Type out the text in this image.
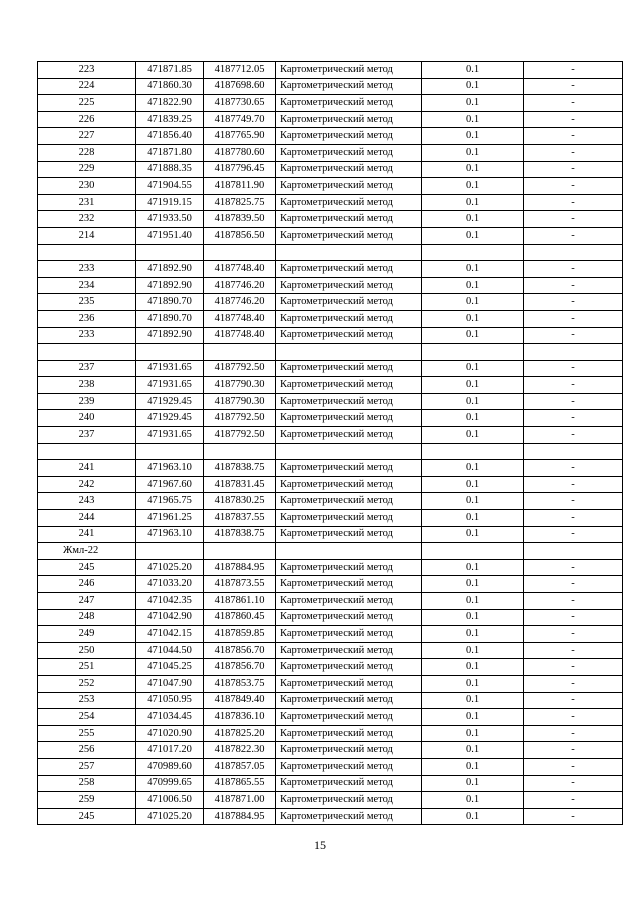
223	471871.85	4187712.05	Картометрический метод	0.1	-
224	471860.30	4187698.60	Картометрический метод	0.1	-
225	471822.90	4187730.65	Картометрический метод	0.1	-
226	471839.25	4187749.70	Картометрический метод	0.1	-
227	471856.40	4187765.90	Картометрический метод	0.1	-
228	471871.80	4187780.60	Картометрический метод	0.1	-
229	471888.35	4187796.45	Картометрический метод	0.1	-
230	471904.55	4187811.90	Картометрический метод	0.1	-
231	471919.15	4187825.75	Картометрический метод	0.1	-
232	471933.50	4187839.50	Картометрический метод	0.1	-
214	471951.40	4187856.50	Картометрический метод	0.1	-

233	471892.90	4187748.40	Картометрический метод	0.1	-
234	471892.90	4187746.20	Картометрический метод	0.1	-
235	471890.70	4187746.20	Картометрический метод	0.1	-
236	471890.70	4187748.40	Картометрический метод	0.1	-
233	471892.90	4187748.40	Картометрический метод	0.1	-

237	471931.65	4187792.50	Картометрический метод	0.1	-
238	471931.65	4187790.30	Картометрический метод	0.1	-
239	471929.45	4187790.30	Картометрический метод	0.1	-
240	471929.45	4187792.50	Картометрический метод	0.1	-
237	471931.65	4187792.50	Картометрический метод	0.1	-

241	471963.10	4187838.75	Картометрический метод	0.1	-
242	471967.60	4187831.45	Картометрический метод	0.1	-
243	471965.75	4187830.25	Картометрический метод	0.1	-
244	471961.25	4187837.55	Картометрический метод	0.1	-
241	471963.10	4187838.75	Картометрический метод	0.1	-
Жмл-22					
245	471025.20	4187884.95	Картометрический метод	0.1	-
246	471033.20	4187873.55	Картометрический метод	0.1	-
247	471042.35	4187861.10	Картометрический метод	0.1	-
248	471042.90	4187860.45	Картометрический метод	0.1	-
249	471042.15	4187859.85	Картометрический метод	0.1	-
250	471044.50	4187856.70	Картометрический метод	0.1	-
251	471045.25	4187856.70	Картометрический метод	0.1	-
252	471047.90	4187853.75	Картометрический метод	0.1	-
253	471050.95	4187849.40	Картометрический метод	0.1	-
254	471034.45	4187836.10	Картометрический метод	0.1	-
255	471020.90	4187825.20	Картометрический метод	0.1	-
256	471017.20	4187822.30	Картометрический метод	0.1	-
257	470989.60	4187857.05	Картометрический метод	0.1	-
258	470999.65	4187865.55	Картометрический метод	0.1	-
259	471006.50	4187871.00	Картометрический метод	0.1	-
245	471025.20	4187884.95	Картометрический метод	0.1	-
15
